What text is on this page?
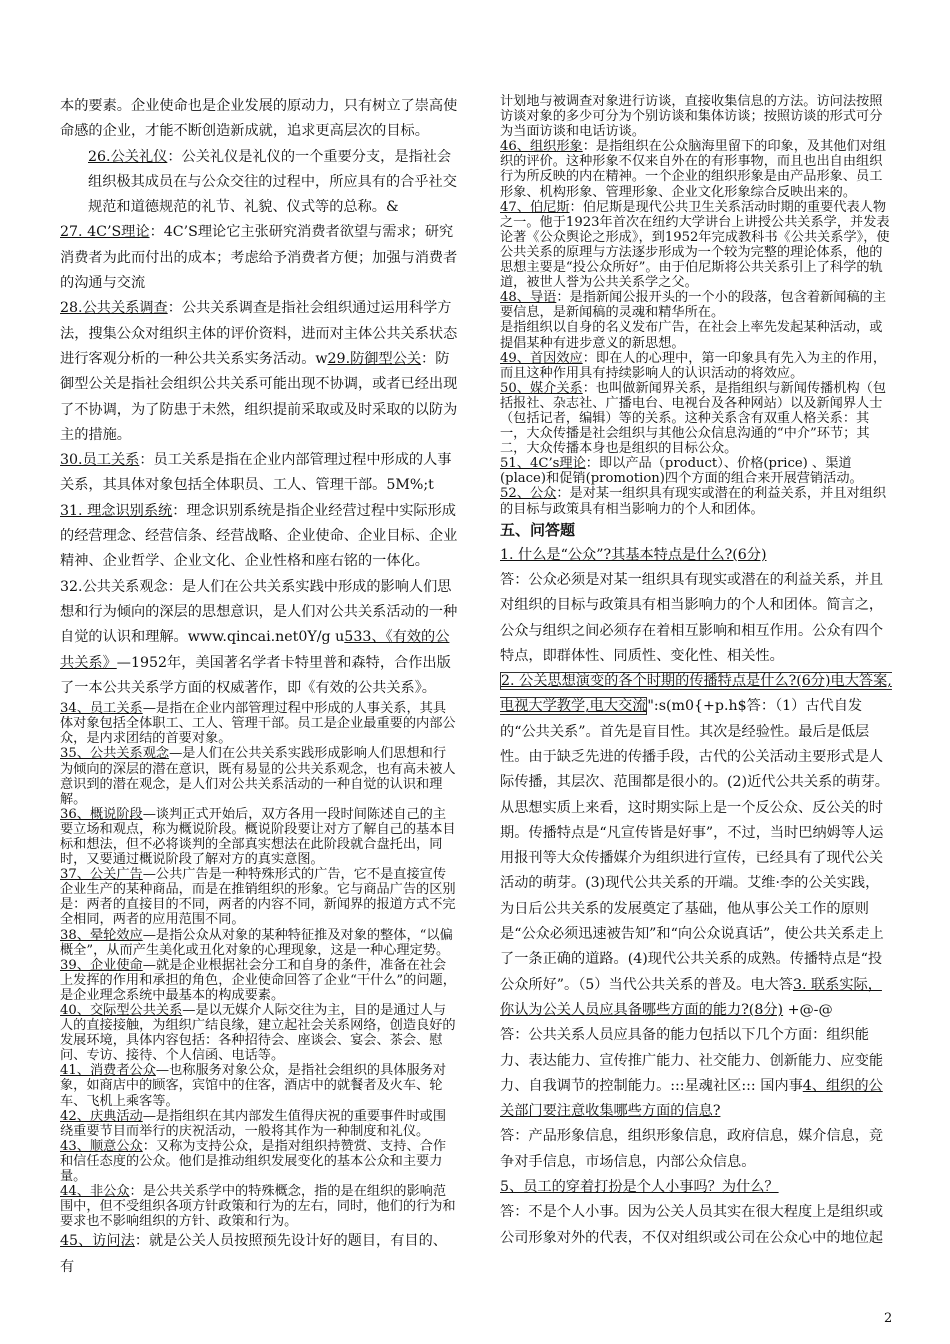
本的要素。企业使命也是企业发展的原动力，只有树立了崇高使命感的企业，才能不断创造新成就，追求更高层次的目标。

26.公关礼仪：公关礼仪是礼仪的一个重要分支，是指社会组织极其成员在与公众交往的过程中，所应具有的合乎社交规范和道德规范的礼节、礼貌、仪式等的总称。&

27. 4C’S理论：4C’S理论它主张研究消费者欲望与需求；研究消费者为此而付出的成本；考虑给予消费者方便；加强与消费者的沟通与交流

28.公共关系调查：公共关系调查是指社会组织通过运用科学方法，搜集公众对组织主体的评价资料，进而对主体公共关系状态进行客观分析的一种公共关系实务活动。w29.防御型公关：防御型公关是指社会组织公共关系可能出现不协调，或者已经出现了不协调，为了防患于未然，组织提前采取或及时采取的以防为主的措施。

30.员工关系：员工关系是指在企业内部管理过程中形成的人事关系，其具体对象包括全体职员、工人、管理干部。5M%;t

31. 理念识别系统：理念识别系统是指企业经营过程中实际形成的经营理念、经营信条、经营战略、企业使命、企业目标、企业精神、企业哲学、企业文化、企业性格和座右铭的一体化。

32.公共关系观念：是人们在公共关系实践中形成的影响人们思想和行为倾向的深层的思想意识，是人们对公共关系活动的一种自觉的认识和理解。www.qincai.net0Y/g u533、《有效的公共关系》—1952年，美国著名学者卡特里普和森特，合作出版了一本公共关系学方面的权威著作，即《有效的公共关系》。

34、员工关系—是指在企业内部管理过程中形成的人事关系，其具体对象包括全体职工、工人、管理干部。员工是企业最重要的内部公众，是内求团结的首要对象。

35、公共关系观念—是人们在公共关系实践形成影响人们思想和行为倾向的深层的潜在意识，既有易显的公共关系观念，也有高未被人意识到的潜在观念，是人们对公共关系活动的一种自觉的认识和理解。

36、概说阶段—谈判正式开始后，双方各用一段时间陈述自己的主要立场和观点，称为概说阶段。概说阶段要让对方了解自己的基本目标和想法，但不必将谈判的全部真实想法在此阶段就合盘托出，同时，又要通过概说阶段了解对方的真实意图。

37、公关广告—公共广告是一种特殊形式的广告，它不是直接宣传企业生产的某种商品，而是在推销组织的形象。它与商品广告的区别是：两者的直接目的不同，两者的内容不同，新闻界的报道方式不完全相同，两者的应用范围不同。

38、晕轮效应—是指公众从对象的某种特征推及对象的整体，“以偏概全”，从而产生美化或丑化对象的心理现象，这是一种心理定势。

39、企业使命—就是企业根据社会分工和自身的条件，准备在社会上发挥的作用和承担的角色，企业使命回答了企业“干什么”的问题，是企业理念系统中最基本的构成要素。

40、交际型公共关系—是以无媒介人际交往为主，目的是通过人与人的直接接触，为组织广结良缘，建立起社会关系网络，创造良好的发展环境，具体内容包括：各种招待会、座谈会、宴会、茶会、慰问、专访、接待、个人信函、电话等。

41、消费者公众—也称服务对象公众，是指社会组织的具体服务对象，如商店中的顾客，宾馆中的住客，酒店中的就餐者及火车、轮车、飞机上乘客等。

42、庆典活动—是指组织在其内部发生值得庆祝的重要事件时或围绕重要节目而举行的庆祝活动，一般将其作为一种制度和礼仪。

43、顺意公众：又称为支持公众，是指对组织持赞赏、支持、合作和信任态度的公众。他们是推动组织发展变化的基本公众和主要力量。

44、非公众：是公共关系学中的特殊概念，指的是在组织的影响范围中，但不受组织各项方针政策和行为的左右，同时，他们的行为和要求也不影响组织的方针、政策和行为。

45、访问法：就是公关人员按照预先设计好的题目，有目的、有

计划地与被调查对象进行访谈，直接收集信息的方法。访问法按照访谈对象的多少可分为个别访谈和集体访谈；按照访谈的形式可分为当面访谈和电话访谈。

46、组织形象：是指组织在公众脑海里留下的印象，及其他们对组织的评价。这种形象不仅来自外在的有形事物，而且也出自由组织行为所反映的内在精神。一个企业的组织形象是由产品形象、员工形象、机构形象、管理形象、企业文化形象综合反映出来的。

47、伯尼斯：伯尼斯是现代公共卫生关系活动时期的重要代表人物之一。他于1923年首次在纽约大学讲台上讲授公共关系学，并发表论著《公众舆论之形成》，到1952年完成教科书《公共关系学》，使公共关系的原理与方法逐步形成为一个较为完整的理论体系，他的思想主要是“投公众所好”。由于伯尼斯将公共关系引上了科学的轨道，被世人誉为公共关系学之父。

48、导语：是指新闻公报开头的一个小的段落，包含着新闻稿的主要信息，是新闻稿的灵魂和精华所在。

是指组织以自身的名义发布广告，在社会上率先发起某种活动，或提倡某种有进步意义的新思想。

49、首因效应：即在人的心理中，第一印象具有先入为主的作用，而且这种作用具有持续影响人的认识活动的将效应。

50、媒介关系：也叫做新闻界关系，是指组织与新闻传播机构（包括报社、杂志社、广播电台、电视台及各种网站）以及新闻界人士（包括记者，编辑）等的关系。这种关系含有双重人格关系：其一，大众传播是社会组织与其他公众信息沟通的“中介”环节；其二，大众传播本身也是组织的目标公众。

51、4C’s理论：即以产品（product）、价格(price) 、渠道(place)和促销(promotion)四个方面的组合来开展营销活动。

52、公众：是对某一组织具有现实或潜在的利益关系，并且对组织的目标与政策具有相当影响力的个人和团体。

五、问答题

1. 什么是“公众”?其基本特点是什么?(6分)

答：公众必须是对某一组织具有现实或潜在的利益关系，并且对组织的目标与政策具有相当影响力的个人和团体。简言之，公众与组织之间必须存在着相互影响和相互作用。公众有四个特点，即群体性、同质性、变化性、相关性。

2. 公关思想演变的各个时期的传播特点是什么?(6分)电大答案,电视大学教学,电大交流":s(m0{+p.h$答：（1）古代自发的“公共关系”。首先是盲目性。其次是经验性。最后是低层性。由于缺乏先进的传播手段，古代的公关活动主要形式是人际传播，其层次、范围都是很小的。(2)近代公共关系的萌芽。从思想实质上来看，这时期实际上是一个反公众、反公关的时期。传播特点是“凡宣传皆是好事”，不过，当时巴纳姆等人运用报刊等大众传播媒介为组织进行宣传，已经具有了现代公关活动的萌芽。(3)现代公共关系的开端。艾维·李的公关实践，为日后公共关系的发展奠定了基础，他从事公关工作的原则是“公众必须迅速被告知”和“向公众说真话”，使公共关系走上了一条正确的道路。(4)现代公共关系的成熟。传播特点是“投公众所好”。（5）当代公共关系的普及。电大答3. 联系实际，你认为公关人员应具备哪些方面的能力?(8分) +@-@

答：公共关系人员应具备的能力包括以下几个方面：组织能力、表达能力、宣传推广能力、社交能力、创新能力、应变能力、自我调节的控制能力。:::星魂社区::: 国内事4、组织的公关部门要注意收集哪些方面的信息?

答：产品形象信息，组织形象信息，政府信息，媒介信息，竞争对手信息，市场信息，内部公众信息。

5、员工的穿着打扮是个人小事吗？为什么？

答：不是个人小事。因为公关人员其实在很大程度上是组织或公司形象对外的代表，不仅对组织或公司在公众心中的地位起

2
